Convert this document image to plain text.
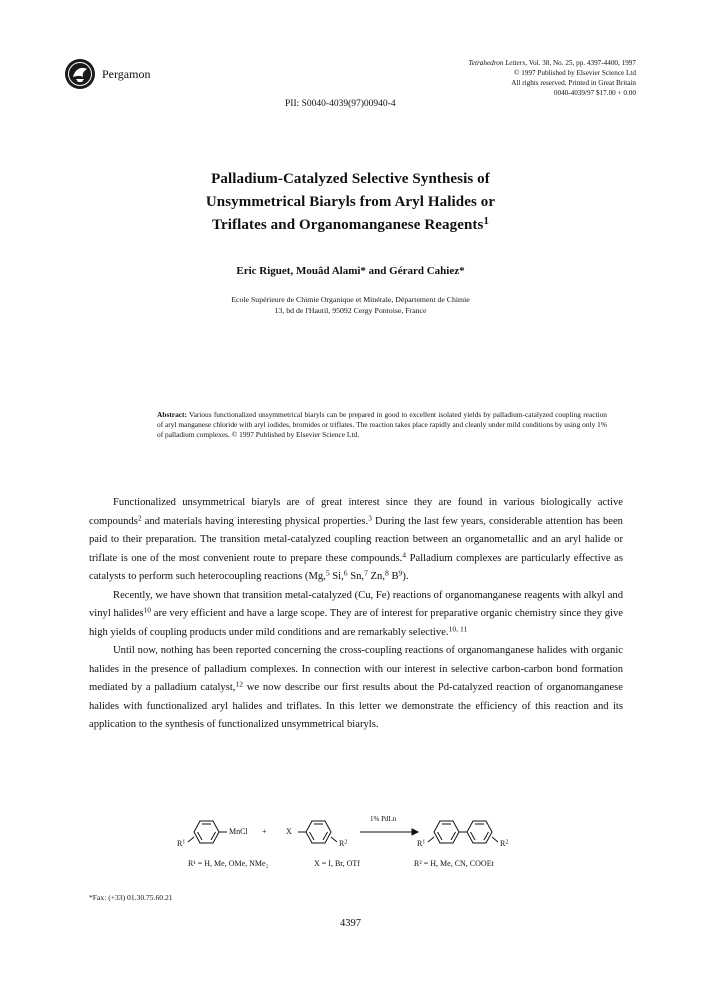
Pergamon
Tetrahedron Letters, Vol. 38, No. 25, pp. 4397-4400, 1997
© 1997 Published by Elsevier Science Ltd
All rights reserved. Printed in Great Britain
0040-4039/97 $17.00 + 0.00
PII: S0040-4039(97)00940-4
Palladium-Catalyzed Selective Synthesis of
Unsymmetrical Biaryls from Aryl Halides or
Triflates and Organomanganese Reagents$^1$
Eric Riguet, Mouâd Alami* and Gérard Cahiez*
Ecole Supérieure de Chimie Organique et Minérale, Département de Chimie
13, bd de l'Hautil, 95092 Cergy Pontoise, France
Abstract: Various functionalized unsymmetrical biaryls can be prepared in good to excellent isolated yields by palladium-catalyzed coupling reaction of aryl manganese chloride with aryl iodides, bromides or triflates. The reaction takes place rapidly and cleanly under mild conditions by using only 1% of palladium complexes. © 1997 Published by Elsevier Science Ltd.

Functionalized unsymmetrical biaryls are of great interest since they are found in various biologically active compounds$^2$ and materials having interesting physical properties.$^3$ During the last few years, considerable attention has been paid to their preparation. The transition metal-catalyzed coupling reaction between an organometallic and an aryl halide or triflate is one of the most convenient route to prepare these compounds.$^4$ Palladium complexes are particularly effective as catalysts to perform such heterocoupling reactions (Mg,$^5$ Si,$^6$ Sn,$^7$ Zn,$^8$ $B^9$).

Recently, we have shown that transition metal-catalyzed (Cu, Fe) reactions of organomanganese reagents with alkyl and vinyl halides$^{10}$ are very efficient and have a large scope. They are of interest for preparative organic chemistry since they give high yields of coupling products under mild conditions and are remarkably selective.$^{10, 11}$

Until now, nothing has been reported concerning the cross-coupling reactions of organomanganese halides with organic halides in the presence of palladium complexes. In connection with our interest in selective carbon-carbon bond formation mediated by a palladium catalyst,$^{12}$ we now describe our first results about the Pd-catalyzed reaction of organomanganese halides with functionalized aryl halides and triflates. In this letter we demonstrate the efficiency of this reaction and its application to the synthesis of functionalized unsymmetrical biaryls.

MnCl + X
1% PdLn
$R^1$	$R^2$	$R^1$	$R^2$
R¹ = H, Me, OMe, NMe₂	X = I, Br, OTf	R² = H, Me, CN, COOEt
*Fax: (+33) 01.30.75.60.21
4397
